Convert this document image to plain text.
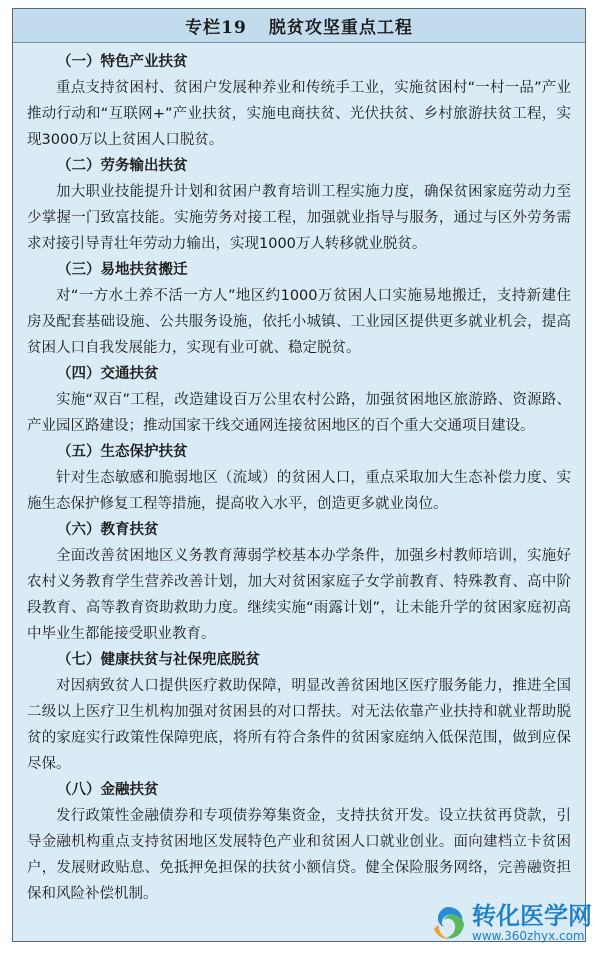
专栏19 脱贫攻坚重点工程
（一）特色产业扶贫

重点支持贫困村、贫困户发展种养业和传统手工业，实施贫困村“一村一品”产业推动行动和“互联网+”产业扶贫，实施电商扶贫、光伏扶贫、乡村旅游扶贫工程，实现3000万以上贫困人口脱贫。

（二）劳务输出扶贫

加大职业技能提升计划和贫困户教育培训工程实施力度，确保贫困家庭劳动力至少掌握一门致富技能。实施劳务对接工程，加强就业指导与服务，通过与区外劳务需求对接引导青壮年劳动力输出，实现1000万人转移就业脱贫。

（三）易地扶贫搬迁

对“一方水土养不活一方人”地区约1000万贫困人口实施易地搬迁，支持新建住房及配套基础设施、公共服务设施，依托小城镇、工业园区提供更多就业机会，提高贫困人口自我发展能力，实现有业可就、稳定脱贫。

（四）交通扶贫

实施“双百”工程，改造建设百万公里农村公路，加强贫困地区旅游路、资源路、产业园区路建设；推动国家干线交通网连接贫困地区的百个重大交通项目建设。

（五）生态保护扶贫

针对生态敏感和脆弱地区（流域）的贫困人口，重点采取加大生态补偿力度、实施生态保护修复工程等措施，提高收入水平，创造更多就业岗位。

（六）教育扶贫

全面改善贫困地区义务教育薄弱学校基本办学条件，加强乡村教师培训，实施好农村义务教育学生营养改善计划，加大对贫困家庭子女学前教育、特殊教育、高中阶段教育、高等教育资助救助力度。继续实施“雨露计划”，让未能升学的贫困家庭初高中毕业生都能接受职业教育。

（七）健康扶贫与社保兜底脱贫

对因病致贫人口提供医疗救助保障，明显改善贫困地区医疗服务能力，推进全国二级以上医疗卫生机构加强对贫困县的对口帮扶。对无法依靠产业扶持和就业帮助脱贫的家庭实行政策性保障兜底，将所有符合条件的贫困家庭纳入低保范围，做到应保尽保。

（八）金融扶贫

发行政策性金融债券和专项债券筹集资金，支持扶贫开发。设立扶贫再贷款，引导金融机构重点支持贫困地区发展特色产业和贫困人口就业创业。面向建档立卡贫困户，发展财政贴息、免抵押免担保的扶贫小额信贷。健全保险服务网络，完善融资担保和风险补偿机制。

转化医学网
www.360zhyx.com
